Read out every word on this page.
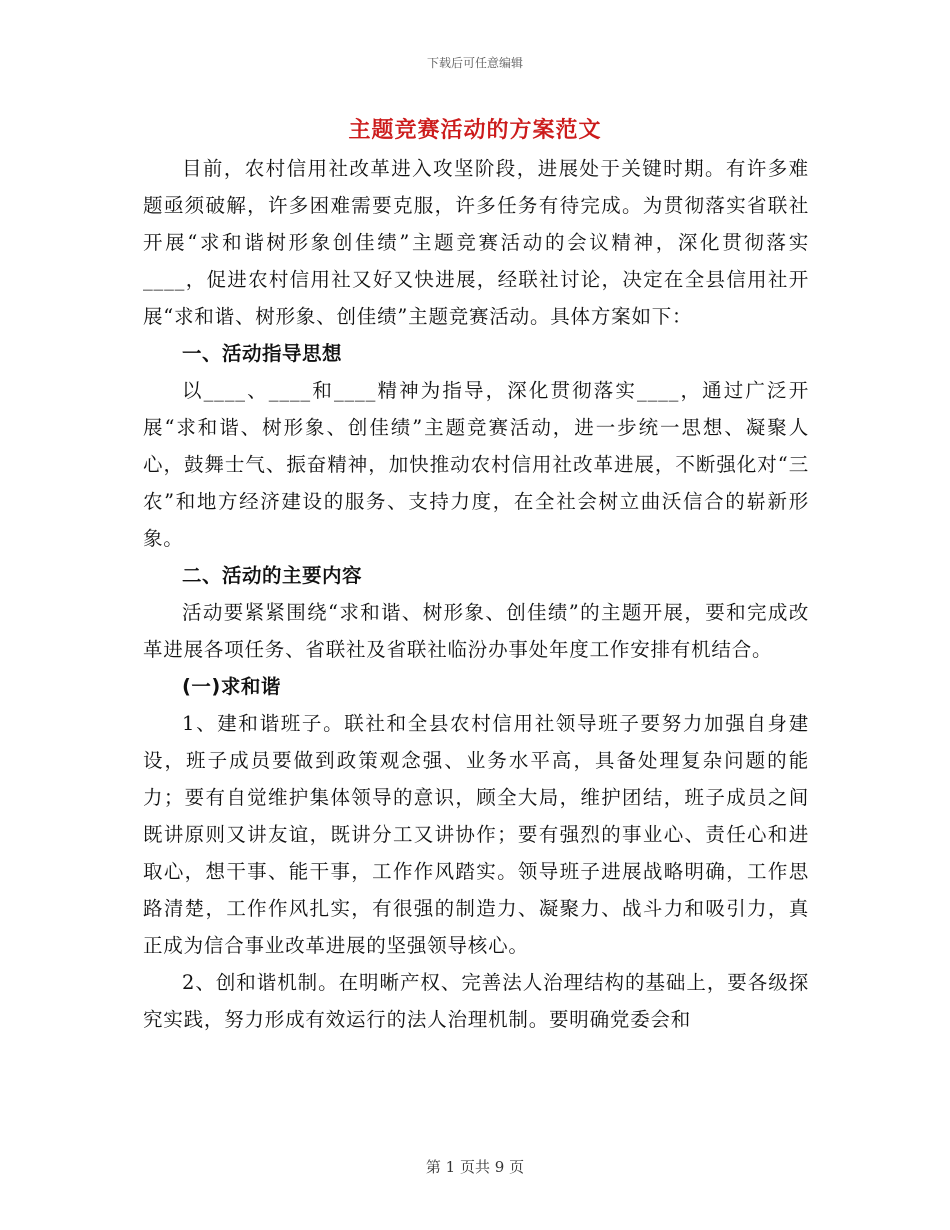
下载后可任意编辑
主题竞赛活动的方案范文

目前，农村信用社改革进入攻坚阶段，进展处于关键时期。有许多难题亟须破解，许多困难需要克服，许多任务有待完成。为贯彻落实省联社开展“求和谐树形象创佳绩”主题竞赛活动的会议精神，深化贯彻落实____，促进农村信用社又好又快进展，经联社讨论，决定在全县信用社开展“求和谐、树形象、创佳绩”主题竞赛活动。具体方案如下：

一、活动指导思想

以____、____和____精神为指导，深化贯彻落实____，通过广泛开展“求和谐、树形象、创佳绩”主题竞赛活动，进一步统一思想、凝聚人心，鼓舞士气、振奋精神，加快推动农村信用社改革进展，不断强化对“三农”和地方经济建设的服务、支持力度，在全社会树立曲沃信合的崭新形象。

二、活动的主要内容

活动要紧紧围绕“求和谐、树形象、创佳绩”的主题开展，要和完成改革进展各项任务、省联社及省联社临汾办事处年度工作安排有机结合。

(一)求和谐

1、建和谐班子。联社和全县农村信用社领导班子要努力加强自身建设，班子成员要做到政策观念强、业务水平高，具备处理复杂问题的能力；要有自觉维护集体领导的意识，顾全大局，维护团结，班子成员之间既讲原则又讲友谊，既讲分工又讲协作；要有强烈的事业心、责任心和进取心，想干事、能干事，工作作风踏实。领导班子进展战略明确，工作思路清楚，工作作风扎实，有很强的制造力、凝聚力、战斗力和吸引力，真正成为信合事业改革进展的坚强领导核心。

2、创和谐机制。在明晰产权、完善法人治理结构的基础上，要各级探究实践，努力形成有效运行的法人治理机制。要明确党委会和

第 1 页共 9 页
